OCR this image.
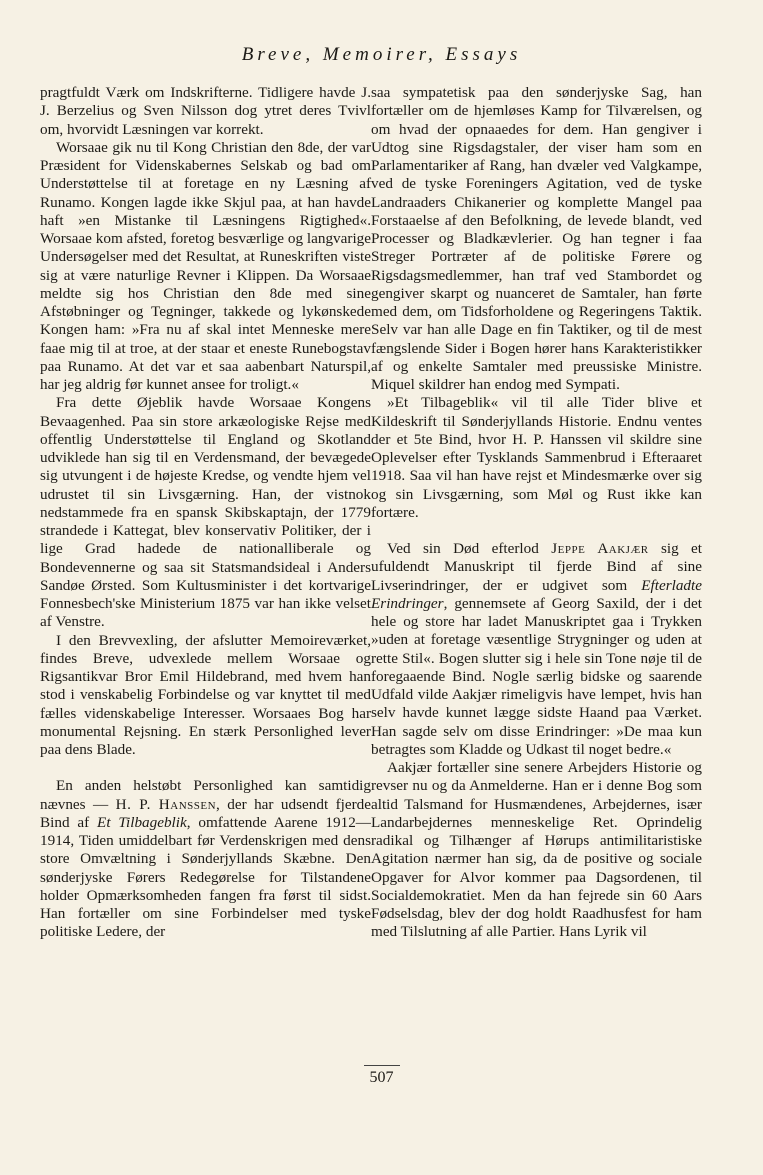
Breve, Memoirer, Essays

pragtfuldt Værk om Indskrifterne. Tidligere havde J. J. Berzelius og Sven Nilsson dog ytret deres Tvivl om, hvorvidt Læsningen var korrekt.

Worsaae gik nu til Kong Christian den 8de, der var Præsident for Videnskabernes Selskab og bad om Understøttelse til at foretage en ny Læsning af Runamo. Kongen lagde ikke Skjul paa, at han havde haft »en Mistanke til Læsningens Rigtighed«. Worsaae kom afsted, foretog besværlige og langvarige Undersøgelser med det Resultat, at Runeskriften viste sig at være naturlige Revner i Klippen. Da Worsaae meldte sig hos Christian den 8de med sine Afstøbninger og Tegninger, takkede og lykønskede Kongen ham: »Fra nu af skal intet Menneske mere faae mig til at troe, at der staar et eneste Runebogstav paa Runamo. At det var et saa aabenbart Naturspil, har jeg aldrig før kunnet ansee for troligt.«

Fra dette Øjeblik havde Worsaae Kongens Bevaagenhed. Paa sin store arkæologiske Rejse med offentlig Understøttelse til England og Skotland udviklede han sig til en Verdensmand, der bevægede sig utvungent i de højeste Kredse, og vendte hjem vel udrustet til sin Livsgærning. Han, der vistnok nedstammede fra en spansk Skibskaptajn, der 1779 strandede i Kattegat, blev konservativ Politiker, der i lige Grad hadede de nationalliberale og Bondevennerne og saa sit Statsmandsideal i Anders Sandøe Ørsted. Som Kultusminister i det kortvarige Fonnesbech'ske Ministerium 1875 var han ikke velset af Venstre.

I den Brevvexling, der afslutter Memoireværket, findes Breve, udvexlede mellem Worsaae og Rigsantikvar Bror Emil Hildebrand, med hvem han stod i venskabelig Forbindelse og var knyttet til med fælles videnskabelige Interesser. Worsaaes Bog har monumental Rejsning. En stærk Personlighed lever paa dens Blade.

En anden helstøbt Personlighed kan samtidig nævnes — H. P. Hanssen, der har udsendt fjerde Bind af Et Tilbageblik, omfattende Aarene 1912—1914, Tiden umiddelbart før Verdenskrigen med dens store Omvæltning i Sønderjyllands Skæbne. Den sønderjyske Førers Redegørelse for Tilstandene holder Opmærksomheden fangen fra først til sidst. Han fortæller om sine Forbindelser med tyske politiske Ledere, der

saa sympatetisk paa den sønderjyske Sag, han fortæller om de hjemløses Kamp for Tilværelsen, og om hvad der opnaaedes for dem. Han gengiver i Udtog sine Rigsdagstaler, der viser ham som en Parlamentariker af Rang, han dvæler ved Valgkampe, ved de tyske Foreningers Agitation, ved de tyske Landraaders Chikanerier og komplette Mangel paa Forstaaelse af den Befolkning, de levede blandt, ved Processer og Bladkævlerier. Og han tegner i faa Streger Portræter af de politiske Førere og Rigsdagsmedlemmer, han traf ved Stambordet og gengiver skarpt og nuanceret de Samtaler, han førte med dem, om Tidsforholdene og Regeringens Taktik. Selv var han alle Dage en fin Taktiker, og til de mest fængslende Sider i Bogen hører hans Karakteristikker af og enkelte Samtaler med preussiske Ministre. Miquel skildrer han endog med Sympati.

»Et Tilbageblik« vil til alle Tider blive et Kildeskrift til Sønderjyllands Historie. Endnu ventes der et 5te Bind, hvor H. P. Hanssen vil skildre sine Oplevelser efter Tysklands Sammenbrud i Efteraaret 1918. Saa vil han have rejst et Mindesmærke over sig og sin Livsgærning, som Møl og Rust ikke kan fortære.

Ved sin Død efterlod Jeppe Aakjær sig et ufuldendt Manuskript til fjerde Bind af sine Livserindringer, der er udgivet som Efterladte Erindringer, gennemsete af Georg Saxild, der i det hele og store har ladet Manuskriptet gaa i Trykken »uden at foretage væsentlige Strygninger og uden at rette Stil«. Bogen slutter sig i hele sin Tone nøje til de foregaaende Bind. Nogle særlig bidske og saarende Udfald vilde Aakjær rimeligvis have lempet, hvis han selv havde kunnet lægge sidste Haand paa Værket. Han sagde selv om disse Erindringer: »De maa kun betragtes som Kladde og Udkast til noget bedre.«

Aakjær fortæller sine senere Arbejders Historie og revser nu og da Anmelderne. Han er i denne Bog som altid Talsmand for Husmændenes, Arbejdernes, især Landarbejdernes menneskelige Ret. Oprindelig radikal og Tilhænger af Hørups antimilitaristiske Agitation nærmer han sig, da de positive og sociale Opgaver for Alvor kommer paa Dagsordenen, til Socialdemokratiet. Men da han fejrede sin 60 Aars Fødselsdag, blev der dog holdt Raadhusfest for ham med Tilslutning af alle Partier. Hans Lyrik vil

507
